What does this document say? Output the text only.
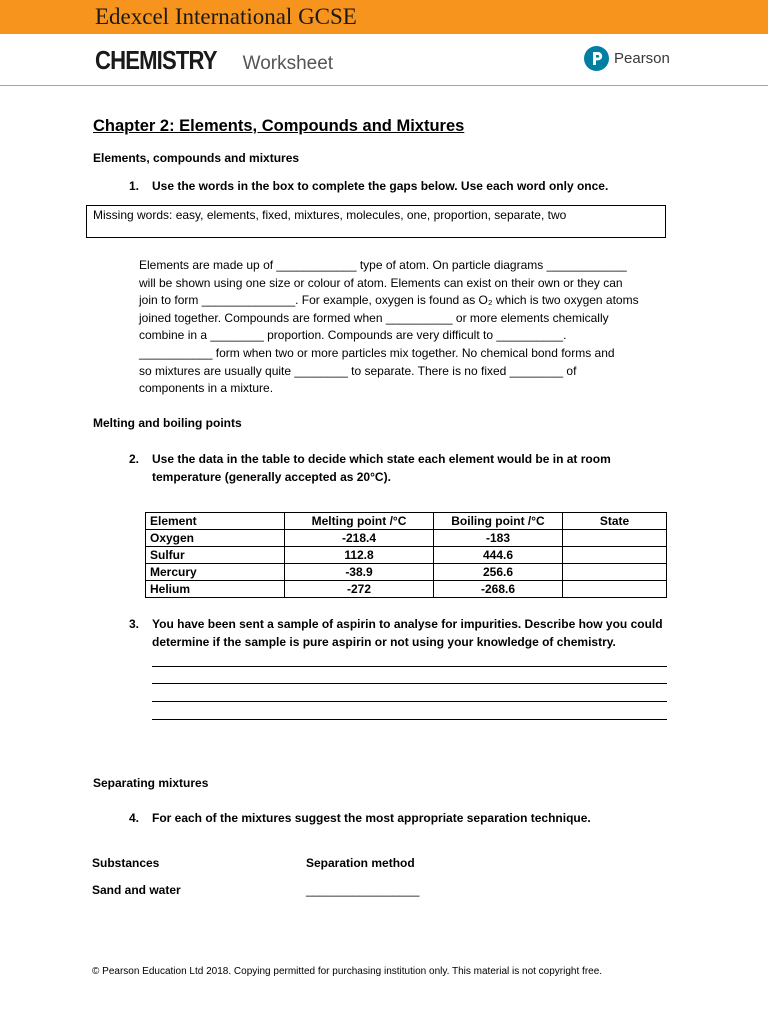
Edexcel International GCSE
CHEMISTRY Worksheet	Pearson
Chapter 2: Elements, Compounds and Mixtures
Elements, compounds and mixtures
1. Use the words in the box to complete the gaps below. Use each word only once.
Missing words: easy, elements, fixed, mixtures, molecules, one, proportion, separate, two
Elements are made up of ____________ type of atom. On particle diagrams ____________
will be shown using one size or colour of atom. Elements can exist on their own or they can
join to form ______________. For example, oxygen is found as O₂ which is two oxygen atoms
joined together. Compounds are formed when __________ or more elements chemically
combine in a ________ proportion. Compounds are very difficult to __________.
___________ form when two or more particles mix together. No chemical bond forms and
so mixtures are usually quite ________ to separate. There is no fixed ________ of
components in a mixture.
Melting and boiling points
2. Use the data in the table to decide which state each element would be in at room temperature (generally accepted as 20°C).
Element	Melting point /°C	Boiling point /°C	State
Oxygen	-218.4	-183	
Sulfur	112.8	444.6	
Mercury	-38.9	256.6	
Helium	-272	-268.6	
3. You have been sent a sample of aspirin to analyse for impurities. Describe how you could determine if the sample is pure aspirin or not using your knowledge of chemistry.
Separating mixtures
4. For each of the mixtures suggest the most appropriate separation technique.
Substances	Separation method
Sand and water	_________________
© Pearson Education Ltd 2018. Copying permitted for purchasing institution only. This material is not copyright free.
